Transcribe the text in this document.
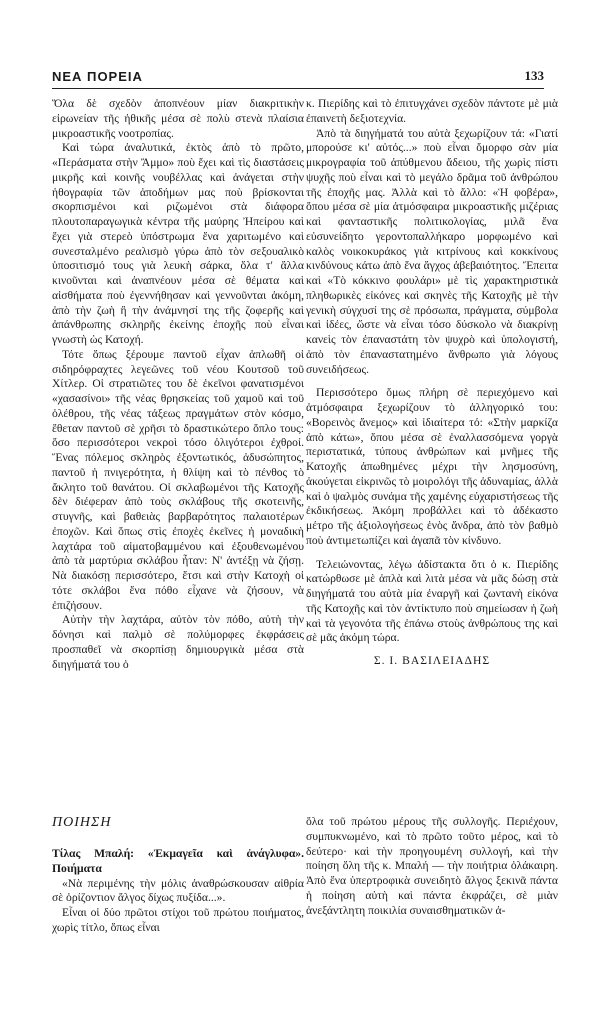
ΝΕΑ ΠΟΡΕΙΑ	133

Ὅλα δὲ σχεδὸν ἀποπνέουν μίαν διακριτικὴν εἰρωνείαν τῆς ἠθικῆς μέσα σὲ πολὺ στενὰ πλαίσια μικροαστικῆς νοοτροπίας.

Καὶ τώρα ἀναλυτικά, ἐκτὸς ἀπὸ τὸ πρῶτο, «Περάσματα στὴν Ἄμμο» ποὺ ἔχει καὶ τὶς διαστάσεις μικρῆς καὶ κοινῆς νουβέλλας καὶ ἀνάγεται στὴν ἠθογραφία τῶν ἀποδήμων μας ποὺ βρίσκονται σκορπισμένοι καὶ ριζωμένοι στὰ διάφορα πλουτοπαραγωγικὰ κέντρα τῆς μαύρης Ἠπείρου καὶ ἔχει γιὰ στερεὸ ὑπόστρωμα ἕνα χαριτωμένο καὶ συνεσταλμένο ρεαλισμὸ γύρω ἀπὸ τὸν σεξουαλικὸ ὑποσιτισμό τους γιὰ λευκὴ σάρκα, ὅλα τ' ἄλλα κινοῦνται καὶ ἀναπνέουν μέσα σὲ θέματα καὶ αἰσθήματα ποὺ ἐγεννήθησαν καὶ γεννοῦνται ἀκόμη, ἀπὸ τὴν ζωὴ ἢ τὴν ἀνάμνησί της τῆς ζοφερῆς καὶ ἀπάνθρωπης σκληρῆς ἐκείνης ἐποχῆς ποὺ εἶναι γνωστὴ ὡς Κατοχή.

Τότε ὅπως ξέρουμε παντοῦ εἶχαν ἁπλωθῆ οἱ σιδηρόφραχτες λεγεῶνες τοῦ νέου Κουτσοῦ τοῦ Χίτλερ. Οἱ στρατιῶτες του δὲ ἐκεῖνοι φανατισμένοι «χασασίνοι» τῆς νέας θρησκείας τοῦ χαμοῦ καὶ τοῦ ὀλέθρου, τῆς νέας τάξεως πραγμάτων στὸν κόσμο, ἔθεταν παντοῦ σὲ χρῆσι τὸ δραστικώτερο ὅπλο τους: ὅσο περισσότεροι νεκροὶ τόσο ὀλιγότεροι ἐχθροί. Ἕνας πόλεμος σκληρὸς ἐξοντωτικός, ἀδυσώπητος, παντοῦ ἡ πνιγερότητα, ἡ θλίψη καὶ τὸ πένθος τὸ ἄκλητο τοῦ θανάτου. Οἱ σκλαβωμένοι τῆς Κατοχῆς δὲν διέφεραν ἀπὸ τοὺς σκλάβους τῆς σκοτεινῆς, στυγνῆς, καὶ βαθειὰς βαρβαρότητος παλαιοτέρων ἐποχῶν. Καὶ ὅπως στὶς ἐποχὲς ἐκεῖνες ἡ μοναδικὴ λαχτάρα τοῦ αἱματοβαμμένου καὶ ἐξουθενωμένου ἀπὸ τὰ μαρτύρια σκλάβου ἦταν: Ν' ἀντέξῃ νὰ ζήσῃ. Νὰ διακόσῃ περισσότερο, ἔτσι καὶ στὴν Κατοχὴ οἱ τότε σκλάβοι ἕνα πόθο εἶχανε νὰ ζήσουν, νὰ ἐπιζήσουν.

Αὐτὴν τὴν λαχτάρα, αὐτὸν τὸν πόθο, αὐτὴ τὴν δόνησι καὶ παλμὸ σὲ πολύμορφες ἐκφράσεις προσπαθεῖ νὰ σκορπίσῃ δημιουργικὰ μέσα στὰ διηγήματά του ὁ

κ. Πιερίδης καὶ τὸ ἐπιτυγχάνει σχεδὸν πάντοτε μὲ μιὰ ἐπαινετὴ δεξιοτεχνία.

Ἀπὸ τὰ διηγήματά του αὐτὰ ξεχωρίζουν τά: «Γιατί μπορούσε κι' αὐτός...» ποὺ εἶναι ὄμορφο σὰν μία μικρογραφία τοῦ ἀπύθμενου ἄδειου, τῆς χωρὶς πίστι ψυχῆς ποὺ εἶναι καὶ τὸ μεγάλο δρᾶμα τοῦ ἀνθρώπου τῆς ἐποχῆς μας. Ἀλλὰ καὶ τὸ ἄλλο: «Ἡ φοβέρα», ὅπου μέσα σὲ μία ἀτμόσφαιρα μικροαστικῆς μιζέριας καὶ φανταστικῆς πολιτικολογίας, μιλᾶ ἕνα εὐσυνείδητο γεροντοπαλλήκαρο μορφωμένο καὶ καλὸς νοικοκυράκος γιὰ κιτρίνους καὶ κοκκίνους κινδύνους κάτω ἀπὸ ἕνα ἄγχος ἀβεβαιότητος. Ἔπειτα καὶ «Τὸ κόκκινο φουλάρι» μὲ τὶς χαρακτηριστικὰ πληθωρικὲς εἰκόνες καὶ σκηνὲς τῆς Κατοχῆς μὲ τὴν γενικὴ σύγχυσί της σὲ πρόσωπα, πράγματα, σύμβολα καὶ ἰδέες, ὥστε νὰ εἶναι τόσο δύσκολο νὰ διακρίνῃ κανεὶς τὸν ἐπαναστάτη τὸν ψυχρὸ καὶ ὑπολογιστή, ἀπὸ τὸν ἐπαναστατημένο ἄνθρωπο γιὰ λόγους συνειδήσεως.

Περισσότερο ὅμως πλήρη σὲ περιεχόμενο καὶ ἀτμόσφαιρα ξεχωρίζουν τὸ ἀλληγορικό του: «Βορεινὸς ἄνεμος» καὶ ἰδιαίτερα τό: «Στὴν μαρκίζα ἀπὸ κάτω», ὅπου μέσα σὲ ἐναλλασσόμενα γοργὰ περιστατικά, τύπους ἀνθρώπων καὶ μνῆμες τῆς Κατοχῆς ἀπωθημένες μέχρι τὴν λησμοσύνη, ἀκούγεται εἰκρινῶς τὸ μοιρολόγι τῆς ἀδυναμίας, ἀλλὰ καὶ ὁ ψαλμὸς συνάμα τῆς χαμένης εὐχαριστήσεως τῆς ἐκδικήσεως. Ἀκόμη προβάλλει καὶ τὸ ἀδέκαστο μέτρο τῆς ἀξιολογήσεως ἑνὸς ἄνδρα, ἀπὸ τὸν βαθμὸ ποὺ ἀντιμετωπίζει καὶ ἀγαπᾶ τὸν κίνδυνο.

Τελειώνοντας, λέγω ἀδίστακτα ὅτι ὁ κ. Πιερίδης κατώρθωσε μὲ ἁπλὰ καὶ λιτὰ μέσα νὰ μᾶς δώσῃ στὰ διηγήματά του αὐτὰ μία ἐναργῆ καὶ ζωντανὴ εἰκόνα τῆς Κατοχῆς καὶ τὸν ἀντίκτυπο ποὺ σημείωσαν ἡ ζωὴ καὶ τὰ γεγονότα τῆς ἐπάνω στοὺς ἀνθρώπους της καὶ σὲ μᾶς ἀκόμη τώρα.

Σ. Ι. ΒΑΣΙΛΕΙΑΔΗΣ
ΠΟΙΗΣΗ

Τίλας Μπαλή: «Ἐκμαγεῖα καὶ ἀνάγλυφα». Ποιήματα

«Νὰ περιμένης τὴν μόλις ἀναθρώσκουσαν αἰθρία σὲ ὁρίζοντιον ἄλγος δίχως πυξίδα...».

Εἶναι οἱ δύο πρῶτοι στίχοι τοῦ πρώτου ποιήματος, χωρὶς τίτλο, ὅπως εἶναι

ὅλα τοῦ πρώτου μέρους τῆς συλλογῆς. Περιέχουν, συμπυκνωμένο, καὶ τὸ πρῶτο τοῦτο μέρος, καὶ τὸ δεύτερο· καὶ τὴν προηγουμένη συλλογή, καὶ τὴν ποίηση ὅλη τῆς κ. Μπαλή — τὴν ποιήτρια ὁλάκαιρη. Ἀπὸ ἕνα ὑπερτροφικὰ συνειδητὸ ἄλγος ξεκινᾶ πάντα ἡ ποίηση αὐτὴ καὶ πάντα ἐκφράζει, σὲ μιὰν ἀνεξάντλητη ποικιλία συναισθηματικῶν ἀ-
